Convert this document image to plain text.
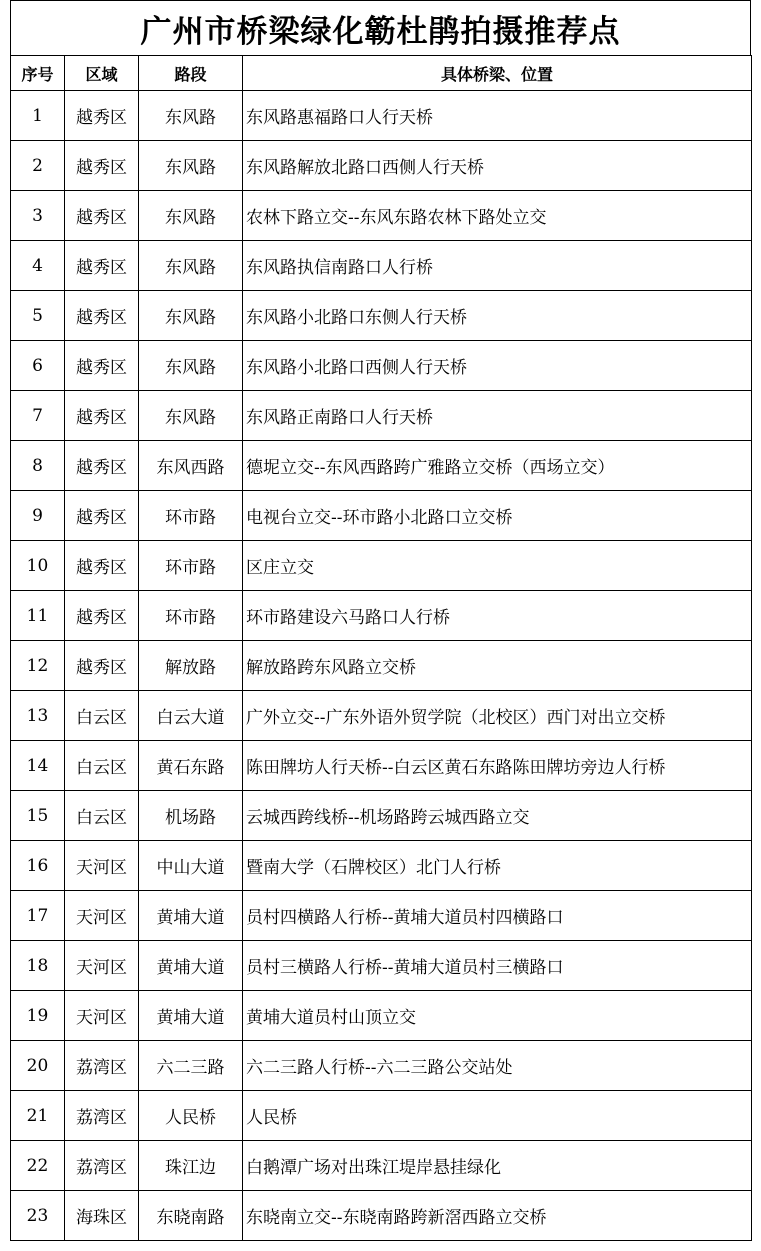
广州市桥梁绿化簕杜鹃拍摄推荐点
序号	区域	路段	具体桥梁、位置
1	越秀区	东风路	东风路惠福路口人行天桥
2	越秀区	东风路	东风路解放北路口西侧人行天桥
3	越秀区	东风路	农林下路立交--东风东路农林下路处立交
4	越秀区	东风路	东风路执信南路口人行桥
5	越秀区	东风路	东风路小北路口东侧人行天桥
6	越秀区	东风路	东风路小北路口西侧人行天桥
7	越秀区	东风路	东风路正南路口人行天桥
8	越秀区	东风西路	德坭立交--东风西路跨广雅路立交桥（西场立交）
9	越秀区	环市路	电视台立交--环市路小北路口立交桥
10	越秀区	环市路	区庄立交
11	越秀区	环市路	环市路建设六马路口人行桥
12	越秀区	解放路	解放路跨东风路立交桥
13	白云区	白云大道	广外立交--广东外语外贸学院（北校区）西门对出立交桥
14	白云区	黄石东路	陈田牌坊人行天桥--白云区黄石东路陈田牌坊旁边人行桥
15	白云区	机场路	云城西跨线桥--机场路跨云城西路立交
16	天河区	中山大道	暨南大学（石牌校区）北门人行桥
17	天河区	黄埔大道	员村四横路人行桥--黄埔大道员村四横路口
18	天河区	黄埔大道	员村三横路人行桥--黄埔大道员村三横路口
19	天河区	黄埔大道	黄埔大道员村山顶立交
20	荔湾区	六二三路	六二三路人行桥--六二三路公交站处
21	荔湾区	人民桥	人民桥
22	荔湾区	珠江边	白鹅潭广场对出珠江堤岸悬挂绿化
23	海珠区	东晓南路	东晓南立交--东晓南路跨新滘西路立交桥
